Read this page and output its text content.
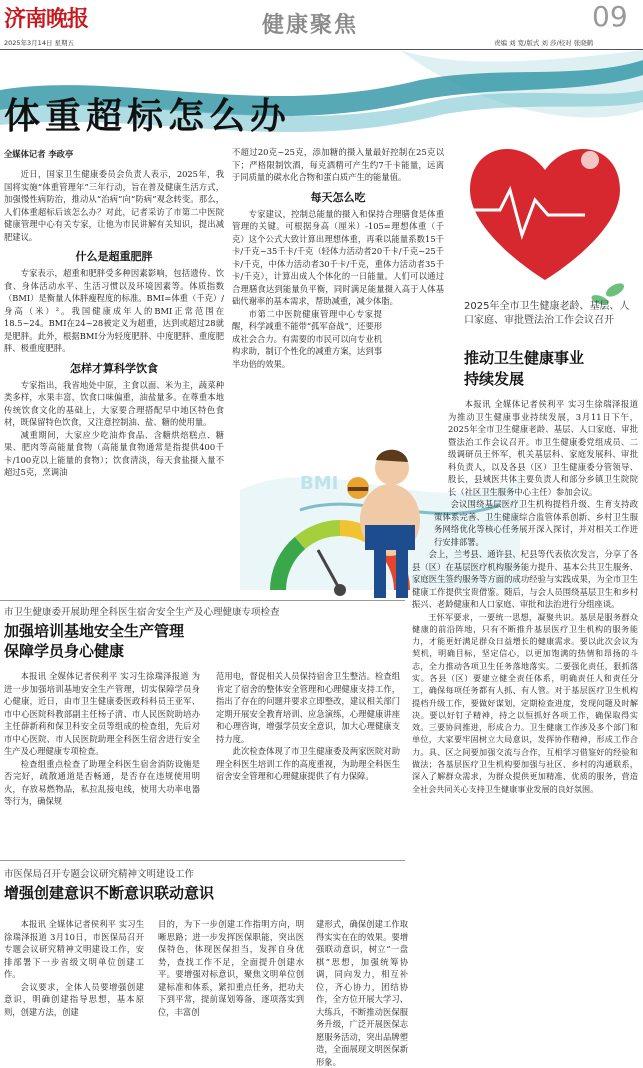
济南晚报	健康聚焦	09
2025年3月14日 星期五	责编 刘 宽/版式 刘 莎/校对 张晓鹤
BMI
体重超标怎么办
全媒体记者 李政亭

近日，国家卫生健康委员会负责人表示，2025年，我国将实施“体重管理年”三年行动，旨在普及健康生活方式，加强慢性病防治，推动从“治病”向“防病”观念转变。那么，人们体重超标后该怎么办？对此，记者采访了市第二中医院健康管理中心有关专家，让他为市民讲解有关知识，提出减肥建议。

什么是超重肥胖

专家表示，超重和肥胖受多种因素影响，包括遗传、饮食、身体活动水平、生活习惯以及环境因素等。体质指数（BMI）是衡量人体胖瘦程度的标准。BMI=体重（千克）/身高（米）²。我国健康成年人的BMI正常范围在18.5~24。BMI在24~28被定义为超重，达到或超过28就是肥胖。此外，根据BMI分为轻度肥胖、中度肥胖、重度肥胖、极重度肥胖。

怎样才算科学饮食

专家指出，我省地处中原，主食以面、米为主，蔬菜种类多样，水果丰富，饮食口味偏重，油盐量多。在尊重本地传统饮食文化的基础上，大家要合理搭配早中地区特色食材，既保留特色饮食，又注意控制油、盐、糖的使用量。

减重期间，大家应少吃油炸食品、含糖烘焙糕点、糖果、肥肉等高能量食物（高能量食物通常是指提供400千卡/100克以上能量的食物）；饮食清淡，每天食盐摄入量不超过5克，烹调油

不超过20克~25克，添加糖的摄入量最好控制在25克以下；严格限制饮酒，每克酒精可产生约7千卡能量，远离于同质量的碳水化合物和蛋白质产生的能量值。

每天怎么吃

专家建议，控制总能量的摄入和保持合理膳食是体重管理的关键。可根据身高（厘米）-105=理想体重（千克）这个公式大致计算出理想体重，再乘以能量系数15千卡/千克~35千卡/千克（轻体力活动者20千卡/千克~25千卡/千克，中体力活动者30千卡/千克，重体力活动者35千卡/千克），计算出成人个体化的一日能量。人们可以通过合理膳食达到能量负平衡，同时满足能量摄入高于人体基础代谢率的基本需求，帮助减重，减少体脂。

市第二中医院健康管理中心专家提醒，科学减重不能带“孤军奋战”，还要形成社会合力。有需要的市民可以向专业机构求助，制订个性化的减重方案，达到事半功倍的效果。

2025年全市卫生健康老龄、基层、人口家庭、审批暨法治工作会议召开
推动卫生健康事业
持续发展

本报讯 全媒体记者侯利平 实习生徐瑞泽报道 为推动卫生健康事业持续发展，3月11日下午，2025年全市卫生健康老龄、基层、人口家庭、审批暨法治工作会议召开。市卫生健康委党组成员、二级调研员王怀军，机关基层科、家庭发展科、审批科负责人，以及各县（区）卫生健康委分管领导、股长，县域医共体主要负责人和部分乡镇卫生院院长（社区卫生服务中心主任）参加会议。

会议围绕基层医疗卫生机构提档升级、生育支持政策体系完善、卫生健康综合监管体系创新、乡村卫生服务网络优化等核心任务展开深入探讨，并对相关工作进行安排部署。

会上，兰考县、通许县、杞县等代表依次发言，分享了各县（区）在基层医疗机构服务能力提升、基本公共卫生服务、家庭医生签约服务等方面的成功经验与实践成果，为全市卫生健康工作提供宝贵借鉴。随后，与会人员围绕基层卫生和乡村振兴、老龄健康和人口家庭、审批和法治进行分组座谈。

王怀军要求，一要统一思想，凝聚共识。基层是服务群众健康的前沿阵地，只有不断推升基层医疗卫生机构的服务能力，才能更好满足群众日益增长的健康需求。要以此次会议为契机，明确目标，坚定信心，以更加饱满的热情和昂扬的斗志，全力推动各项卫生任务落地落实。二要强化责任，狠抓落实。各县（区）要建立健全责任体系，明确责任人和责任分工，确保每项任务都有人抓、有人管。对于基层医疗卫生机构提档升级工作，要做好谋划，定期检查进度，发现问题及时解决。要以好钉子精神，持之以恒抓好各项工作，确保取得实效。三要协同推进，形成合力。卫生健康工作涉及多个部门和单位，大家要牢固树立大局意识，发挥协作精神，形成工作合力。具、区之间要加强交流与合作，互相学习借鉴好的经验和做法；各基层医疗卫生机构要加强与社区、乡村的沟通联系，深入了解群众需求，为群众提供更加精准、优质的服务，营造全社会共同关心支持卫生健康事业发展的良好氛围。

市卫生健康委开展助理全科医生宿舍安全生产及心理健康专项检查
加强培训基地安全生产管理
保障学员身心健康

本报讯 全媒体记者侯利平 实习生徐瑞泽报道 为进一步加强培训基地安全生产管理，切实保障学员身心健康，近日，由市卫生健康委医政科科员王亚军、市中心医院科教部副主任杨子清、市人民医院助培办主任薛新莉和保卫科安全员等组成的检查组，先后对市中心医院、市人民医院助理全科医生宿舍进行安全生产及心理健康专项检查。

检查组重点检查了助理全科医生宿舍消防设施是否完好，疏散通道是否畅通，是否存在违规使用明火，存放易燃物品，私拉乱接电线，使用大功率电器等行为，确保规

范用电，督促相关人员保持宿舍卫生整洁。检查组肯定了宿舍的整体安全管理和心理健康支持工作，指出了存在的问题并要求立即整改，建议相关部门定期开展安全教育培训、应急演练，心理健康讲座和心理咨询，增强学员安全意识，加大心理健康支持力度。

此次检查体现了市卫生健康委及两家医院对助理全科医生培训工作的高度重视，为助理全科医生宿舍安全管理和心理健康提供了有力保障。

市医保局召开专题会议研究精神文明建设工作
增强创建意识不断意识联动意识

本报讯 全媒体记者侯利平 实习生徐瑞泽报道 3月10日，市医保局召开专题会议研究精神文明建设工作，安排部署下一步省级文明单位创建工作。

会议要求，全体人员要增强创建意识，明确创建指导思想，基本原则，创建方法，创建

目的，为下一步创建工作指明方向，明晰思路；进一步发挥医保职能，突出医保特色，体现医保担当，发挥自身优势，查找工作不足，全面提升创建水平。要增强对标意识，聚焦文明单位创建标准和体系，紧扣重点任务，把功夫下到平常，提前谋划筹备，逐项落实到位，丰富创

建形式，确保创建工作取得实实在在的效果。要增强联动意识，树立“一盘棋”思想，加强统筹协调，同向发力，相互补位，齐心协力，团结协作，全方位开展大学习、大练兵，不断推动医保服务升级，广泛开展医保志愿服务活动，突出品牌塑造，全面展现文明医保新形象。
